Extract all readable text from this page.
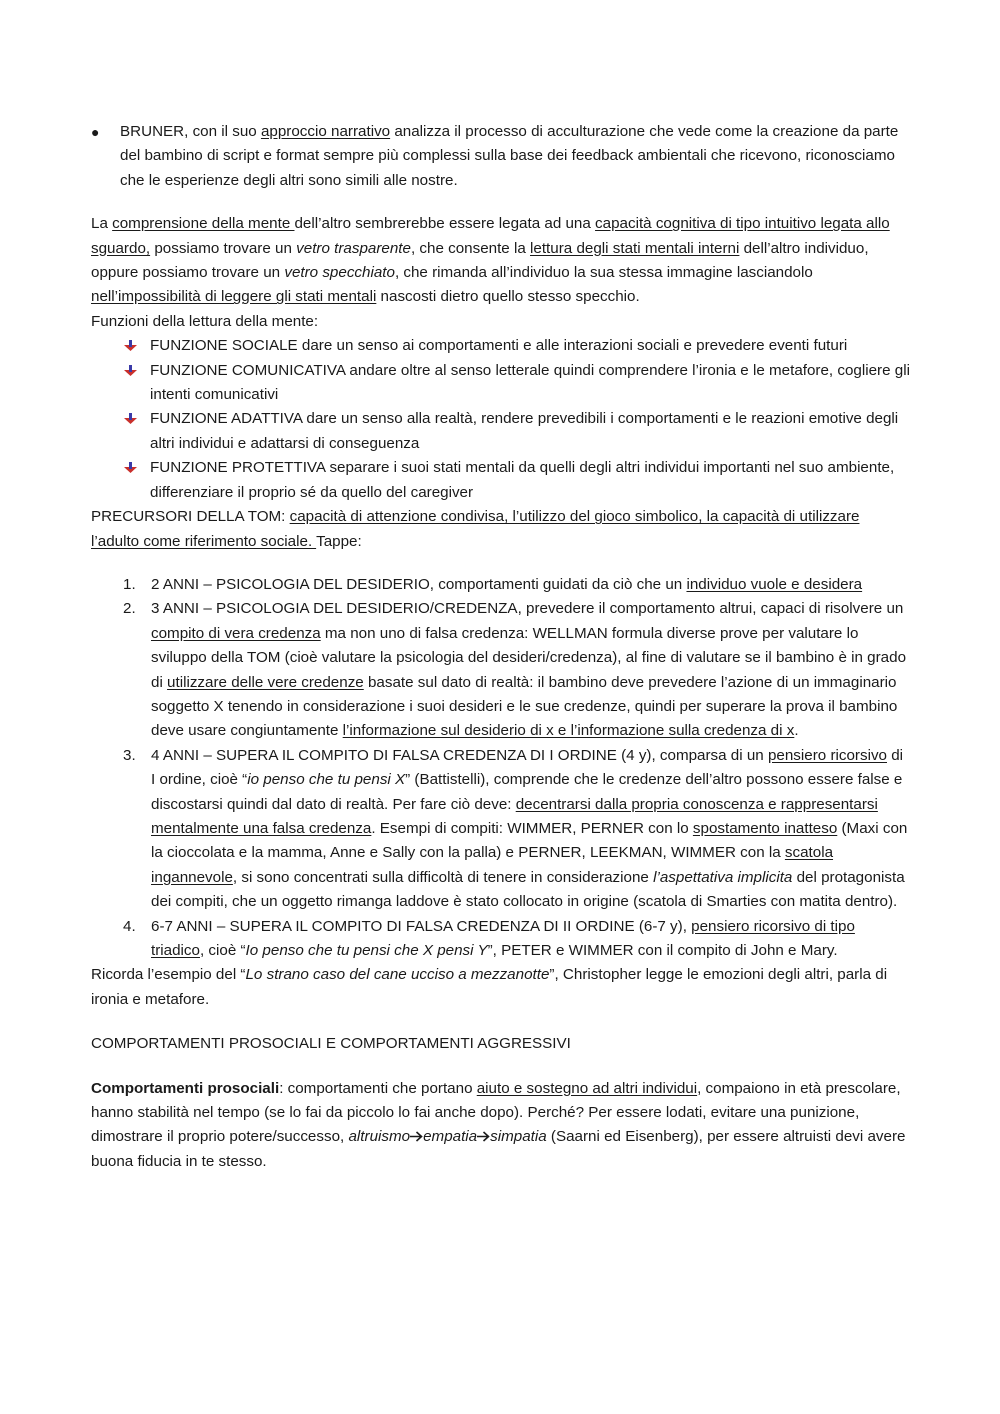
●	BRUNER, con il suo approccio narrativo analizza il processo di acculturazione che vede come la creazione da parte del bambino di script e format sempre più complessi sulla base dei feedback ambientali che ricevono, riconosciamo che le esperienze degli altri sono simili alle nostre.

La comprensione della mente dell’altro sembrerebbe essere legata ad una capacità cognitiva di tipo intuitivo legata allo sguardo, possiamo trovare un vetro trasparente, che consente la lettura degli stati mentali interni dell’altro individuo, oppure possiamo trovare un vetro specchiato, che rimanda all’individuo la sua stessa immagine lasciandolo nell’impossibilità di leggere gli stati mentali nascosti dietro quello stesso specchio.

Funzioni della lettura della mente:

FUNZIONE SOCIALE dare un senso ai comportamenti e alle interazioni sociali e prevedere eventi futuri
FUNZIONE COMUNICATIVA andare oltre al senso letterale quindi comprendere l’ironia e le metafore, cogliere gli intenti comunicativi
FUNZIONE ADATTIVA dare un senso alla realtà, rendere prevedibili i comportamenti e le reazioni emotive degli altri individui e adattarsi di conseguenza
FUNZIONE PROTETTIVA separare i suoi stati mentali da quelli degli altri individui importanti nel suo ambiente, differenziare il proprio sé da quello del caregiver

PRECURSORI DELLA TOM: capacità di attenzione condivisa, l’utilizzo del gioco simbolico, la capacità di utilizzare l’adulto come riferimento sociale. Tappe:

1.	2 ANNI – PSICOLOGIA DEL DESIDERIO, comportamenti guidati da ciò che un individuo vuole e desidera

2.	3 ANNI – PSICOLOGIA DEL DESIDERIO/CREDENZA, prevedere il comportamento altrui, capaci di risolvere un compito di vera credenza ma non uno di falsa credenza: WELLMAN formula diverse prove per valutare lo sviluppo della TOM (cioè valutare la psicologia del desideri/credenza), al fine di valutare se il bambino è in grado di utilizzare delle vere credenze basate sul dato di realtà: il bambino deve prevedere l’azione di un immaginario soggetto X tenendo in considerazione i suoi desideri e le sue credenze, quindi per superare la prova il bambino deve usare congiuntamente l’informazione sul desiderio di x e l’informazione sulla credenza di x.

3.	4 ANNI – SUPERA IL COMPITO DI FALSA CREDENZA DI I ORDINE (4 y), comparsa di un pensiero ricorsivo di I ordine, cioè “io penso che tu pensi X” (Battistelli), comprende che le credenze dell’altro possono essere false e discostarsi quindi dal dato di realtà. Per fare ciò deve: decentrarsi dalla propria conoscenza e rappresentarsi mentalmente una falsa credenza. Esempi di compiti: WIMMER, PERNER con lo spostamento inatteso (Maxi con la cioccolata e la mamma, Anne e Sally con la palla) e PERNER, LEEKMAN, WIMMER con la scatola ingannevole, si sono concentrati sulla difficoltà di tenere in considerazione l’aspettativa implicita del protagonista dei compiti, che un oggetto rimanga laddove è stato collocato in origine (scatola di Smarties con matita dentro).

4.	6-7 ANNI – SUPERA IL COMPITO DI FALSA CREDENZA DI II ORDINE (6-7 y), pensiero ricorsivo di tipo triadico, cioè “Io penso che tu pensi che X pensi Y”, PETER e WIMMER con il compito di John e Mary.

Ricorda l’esempio del “Lo strano caso del cane ucciso a mezzanotte”, Christopher legge le emozioni degli altri, parla di ironia e metafore.

COMPORTAMENTI PROSOCIALI E COMPORTAMENTI AGGRESSIVI

Comportamenti prosociali: comportamenti che portano aiuto e sostegno ad altri individui, compaiono in età prescolare, hanno stabilità nel tempo (se lo fai da piccolo lo fai anche dopo). Perché? Per essere lodati, evitare una punizione, dimostrare il proprio potere/successo, altruismo empatia simpatia (Saarni ed Eisenberg), per essere altruisti devi avere buona fiducia in te stesso.
